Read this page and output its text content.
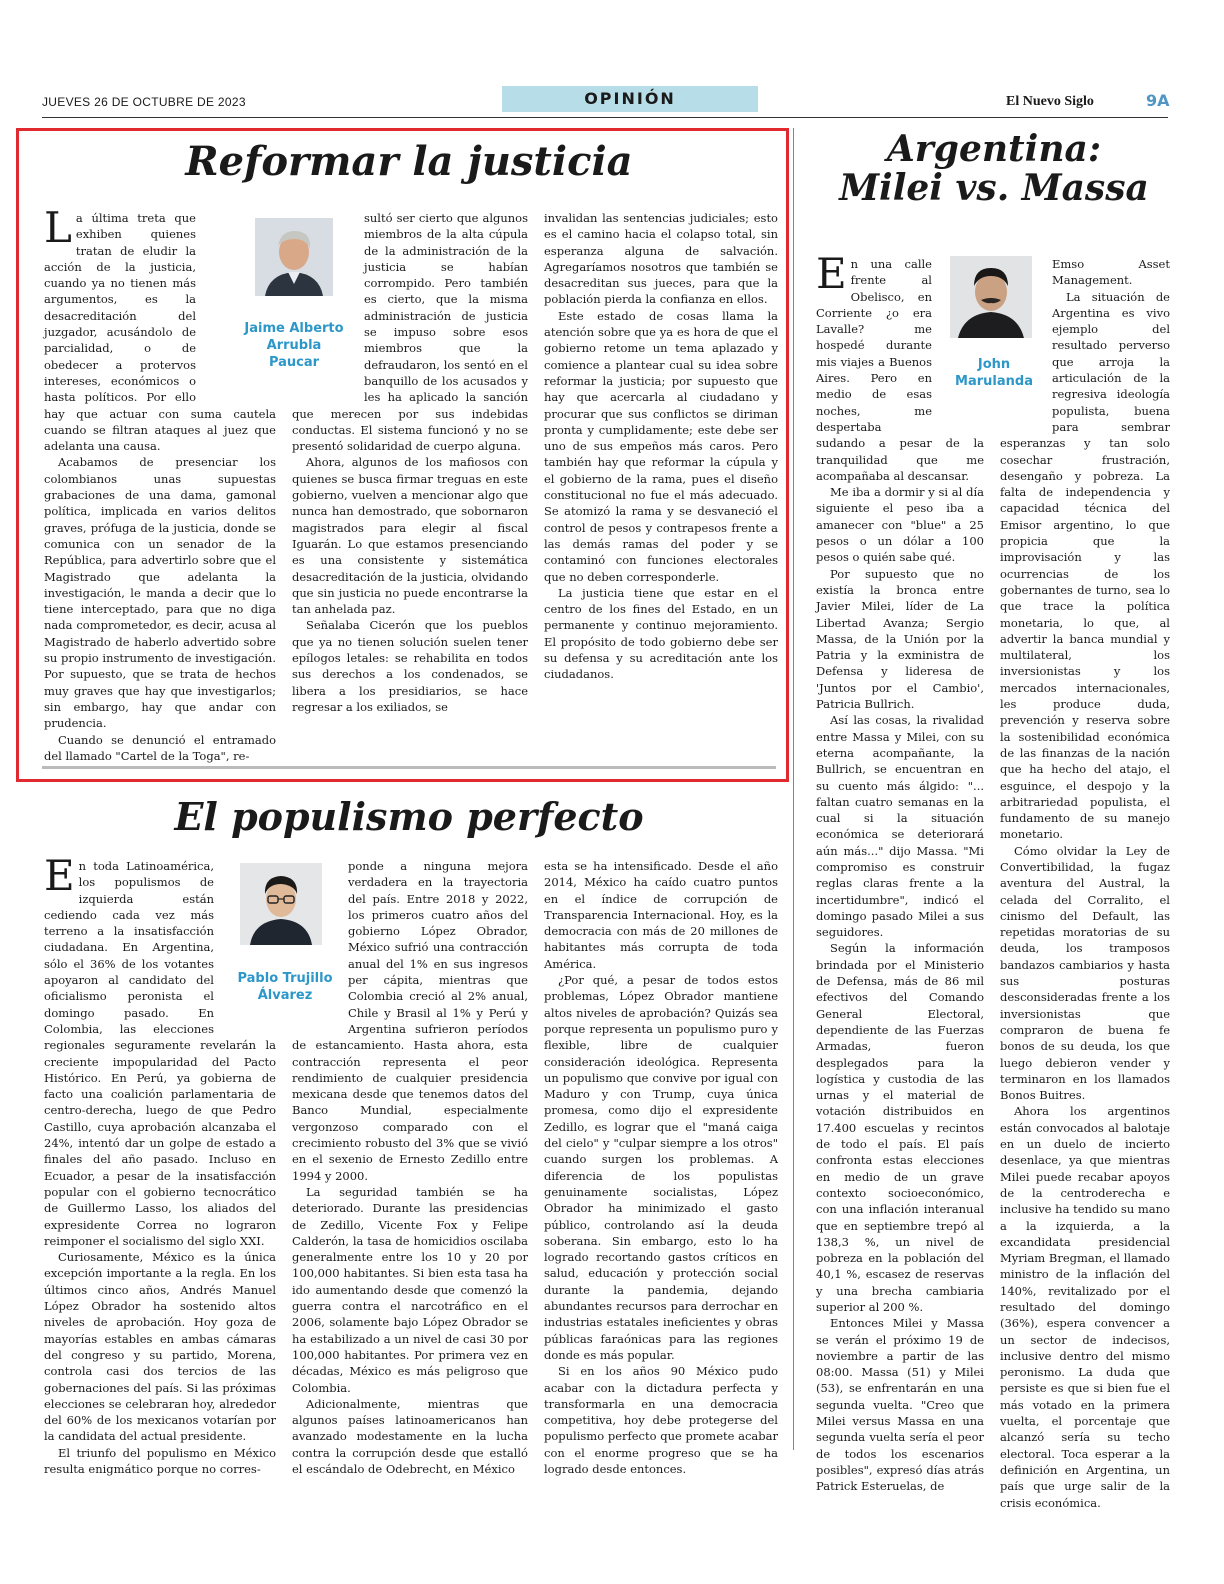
JUEVES 26 DE OCTUBRE DE 2023	OPINIÓN	El Nuevo Siglo	9A
Reformar la justicia
Jaime Alberto
Arrubla
Paucar
L a última treta que exhiben quienes tratan de eludir la acción de la justicia, cuando ya no tienen más argumentos, es la desacreditación del juzgador, acusándolo de parcialidad, o de obedecer a protervos intereses, económicos o hasta políticos. Por ello hay que actuar con suma cautela cuando se filtran ataques al juez que adelanta una causa.

Acabamos de presenciar los colombianos unas supuestas grabaciones de una dama, gamonal política, implicada en varios delitos graves, prófuga de la justicia, donde se comunica con un senador de la República, para advertirlo sobre que el Magistrado que adelanta la investigación, le manda a decir que lo tiene interceptado, para que no diga nada comprometedor, es decir, acusa al Magistrado de haberlo advertido sobre su propio instrumento de investigación. Por supuesto, que se trata de hechos muy graves que hay que investigarlos; sin embargo, hay que andar con prudencia.

Cuando se denunció el entramado del llamado "Cartel de la Toga", re-

sultó ser cierto que algunos miembros de la alta cúpula de la administración de la justicia se habían corrompido. Pero también es cierto, que la misma administración de justicia se impuso sobre esos miembros que la defraudaron, los sentó en el banquillo de los acusados y les ha aplicado la sanción que merecen por sus indebidas conductas. El sistema funcionó y no se presentó solidaridad de cuerpo alguna.

Ahora, algunos de los mafiosos con quienes se busca firmar treguas en este gobierno, vuelven a mencionar algo que nunca han demostrado, que sobornaron magistrados para elegir al fiscal Iguarán. Lo que estamos presenciando es una consistente y sistemática desacreditación de la justicia, olvidando que sin justicia no puede encontrarse la tan anhelada paz.

Señalaba Cicerón que los pueblos que ya no tienen solución suelen tener epílogos letales: se rehabilita en todos sus derechos a los condenados, se libera a los presidiarios, se hace regresar a los exiliados, se

invalidan las sentencias judiciales; esto es el camino hacia el colapso total, sin esperanza alguna de salvación. Agregaríamos nosotros que también se desacreditan sus jueces, para que la población pierda la confianza en ellos.

Este estado de cosas llama la atención sobre que ya es hora de que el gobierno retome un tema aplazado y comience a plantear cual su idea sobre reformar la justicia; por supuesto que hay que acercarla al ciudadano y procurar que sus conflictos se diriman pronta y cumplidamente; este debe ser uno de sus empeños más caros. Pero también hay que reformar la cúpula y el gobierno de la rama, pues el diseño constitucional no fue el más adecuado. Se atomizó la rama y se desvaneció el control de pesos y contrapesos frente a las demás ramas del poder y se contaminó con funciones electorales que no deben corresponderle.

La justicia tiene que estar en el centro de los fines del Estado, en un permanente y continuo mejoramiento. El propósito de todo gobierno debe ser su defensa y su acreditación ante los ciudadanos.

El populismo perfecto
Pablo Trujillo
Álvarez
E n toda Latinoamérica, los populismos de izquierda están cediendo cada vez más terreno a la insatisfacción ciudadana. En Argentina, sólo el 36% de los votantes apoyaron al candidato del oficialismo peronista el domingo pasado. En Colombia, las elecciones regionales seguramente revelarán la creciente impopularidad del Pacto Histórico. En Perú, ya gobierna de facto una coalición parlamentaria de centro-derecha, luego de que Pedro Castillo, cuya aprobación alcanzaba el 24%, intentó dar un golpe de estado a finales del año pasado. Incluso en Ecuador, a pesar de la insatisfacción popular con el gobierno tecnocrático de Guillermo Lasso, los aliados del expresidente Correa no lograron reimponer el socialismo del siglo XXI.

Curiosamente, México es la única excepción importante a la regla. En los últimos cinco años, Andrés Manuel López Obrador ha sostenido altos niveles de aprobación. Hoy goza de mayorías estables en ambas cámaras del congreso y su partido, Morena, controla casi dos tercios de las gobernaciones del país. Si las próximas elecciones se celebraran hoy, alrededor del 60% de los mexicanos votarían por la candidata del actual presidente.

El triunfo del populismo en México resulta enigmático porque no corres-

ponde a ninguna mejora verdadera en la trayectoria del país. Entre 2018 y 2022, los primeros cuatro años del gobierno López Obrador, México sufrió una contracción anual del 1% en sus ingresos per cápita, mientras que Colombia creció al 2% anual, Chile y Brasil al 1% y Perú y Argentina sufrieron períodos de estancamiento. Hasta ahora, esta contracción representa el peor rendimiento de cualquier presidencia mexicana desde que tenemos datos del Banco Mundial, especialmente vergonzoso comparado con el crecimiento robusto del 3% que se vivió en el sexenio de Ernesto Zedillo entre 1994 y 2000.

La seguridad también se ha deteriorado. Durante las presidencias de Zedillo, Vicente Fox y Felipe Calderón, la tasa de homicidios oscilaba generalmente entre los 10 y 20 por 100,000 habitantes. Si bien esta tasa ha ido aumentando desde que comenzó la guerra contra el narcotráfico en el 2006, solamente bajo López Obrador se ha estabilizado a un nivel de casi 30 por 100,000 habitantes. Por primera vez en décadas, México es más peligroso que Colombia.

Adicionalmente, mientras que algunos países latinoamericanos han avanzado modestamente en la lucha contra la corrupción desde que estalló el escándalo de Odebrecht, en México

esta se ha intensificado. Desde el año 2014, México ha caído cuatro puntos en el índice de corrupción de Transparencia Internacional. Hoy, es la democracia con más de 20 millones de habitantes más corrupta de toda América.

¿Por qué, a pesar de todos estos problemas, López Obrador mantiene altos niveles de aprobación? Quizás sea porque representa un populismo puro y flexible, libre de cualquier consideración ideológica. Representa un populismo que convive por igual con Maduro y con Trump, cuya única promesa, como dijo el expresidente Zedillo, es lograr que el "maná caiga del cielo" y "culpar siempre a los otros" cuando surgen los problemas. A diferencia de los populistas genuinamente socialistas, López Obrador ha minimizado el gasto público, controlando así la deuda soberana. Sin embargo, esto lo ha logrado recortando gastos críticos en salud, educación y protección social durante la pandemia, dejando abundantes recursos para derrochar en industrias estatales ineficientes y obras públicas faraónicas para las regiones donde es más popular.

Si en los años 90 México pudo acabar con la dictadura perfecta y transformarla en una democracia competitiva, hoy debe protegerse del populismo perfecto que promete acabar con el enorme progreso que se ha logrado desde entonces.

Argentina:
Milei vs. Massa
John
Marulanda
E n una calle frente al Obelisco, en Corriente ¿o era Lavalle? me hospedé durante mis viajes a Buenos Aires. Pero en medio de esas noches, me despertaba sudando a pesar de la tranquilidad que me acompañaba al descansar.

Me iba a dormir y si al día siguiente el peso iba a amanecer con "blue" a 25 pesos o un dólar a 100 pesos o quién sabe qué.

Por supuesto que no existía la bronca entre Javier Milei, líder de La Libertad Avanza; Sergio Massa, de la Unión por la Patria y la exministra de Defensa y lideresa de 'Juntos por el Cambio', Patricia Bullrich.

Así las cosas, la rivalidad entre Massa y Milei, con su eterna acompañante, la Bullrich, se encuentran en su cuento más álgido: "... faltan cuatro semanas en la cual si la situación económica se deteriorará aún más..." dijo Massa. "Mi compromiso es construir reglas claras frente a la incertidumbre", indicó el domingo pasado Milei a sus seguidores.

Según la información brindada por el Ministerio de Defensa, más de 86 mil efectivos del Comando General Electoral, dependiente de las Fuerzas Armadas, fueron desplegados para la logística y custodia de las urnas y el material de votación distribuidos en 17.400 escuelas y recintos de todo el país. El país confronta estas elecciones en medio de un grave contexto socioeconómico, con una inflación interanual que en septiembre trepó al 138,3 %, un nivel de pobreza en la población del 40,1 %, escasez de reservas y una brecha cambiaria superior al 200 %.

Entonces Milei y Massa se verán el próximo 19 de noviembre a partir de las 08:00. Massa (51) y Milei (53), se enfrentarán en una segunda vuelta. "Creo que Milei versus Massa en una segunda vuelta sería el peor de todos los escenarios posibles", expresó días atrás Patrick Esteruelas, de

Emso Asset Management.

La situación de Argentina es vivo ejemplo del resultado perverso que arroja la articulación de la regresiva ideología populista, buena para sembrar esperanzas y tan solo cosechar frustración, desengaño y pobreza. La falta de independencia y capacidad técnica del Emisor argentino, lo que propicia que la improvisación y las ocurrencias de los gobernantes de turno, sea lo que trace la política monetaria, lo que, al advertir la banca mundial y multilateral, los inversionistas y los mercados internacionales, les produce duda, prevención y reserva sobre la sostenibilidad económica de las finanzas de la nación que ha hecho del atajo, el esguince, el despojo y la arbitrariedad populista, el fundamento de su manejo monetario.

Cómo olvidar la Ley de Convertibilidad, la fugaz aventura del Austral, la celada del Corralito, el cinismo del Default, las repetidas moratorias de su deuda, los tramposos bandazos cambiarios y hasta sus posturas desconsideradas frente a los inversionistas que compraron de buena fe bonos de su deuda, los que luego debieron vender y terminaron en los llamados Bonos Buitres.

Ahora los argentinos están convocados al balotaje en un duelo de incierto desenlace, ya que mientras Milei puede recabar apoyos de la centroderecha e inclusive ha tendido su mano a la izquierda, a la excandidata presidencial Myriam Bregman, el llamado ministro de la inflación del 140%, revitalizado por el resultado del domingo (36%), espera convencer a un sector de indecisos, inclusive dentro del mismo peronismo. La duda que persiste es que si bien fue el más votado en la primera vuelta, el porcentaje que alcanzó sería su techo electoral. Toca esperar a la definición en Argentina, un país que urge salir de la crisis económica.
